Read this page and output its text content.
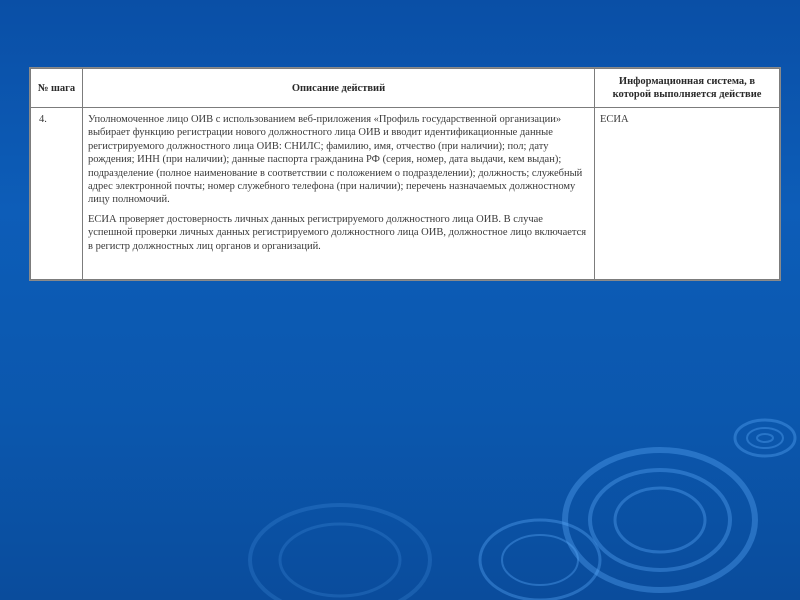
№ шага	Описание действий	Информационная система, в которой выполняется действие
4.	Уполномоченное лицо ОИВ с использованием веб-приложения «Профиль государственной организации» выбирает функцию регистрации нового должностного лица ОИВ и вводит идентификационные данные регистрируемого должностного лица ОИВ: СНИЛС; фамилию, имя, отчество (при наличии); пол; дату рождения; ИНН (при наличии); данные паспорта гражданина РФ (серия, номер, дата выдачи, кем выдан); подразделение (полное наименование в соответствии с положением о подразделении); должность; служебный адрес электронной почты; номер служебного телефона (при наличии); перечень назначаемых должностному лицу полномочий.

ЕСИА проверяет достоверность личных данных регистрируемого должностного лица ОИВ. В случае успешной проверки личных данных регистрируемого должностного лица ОИВ, должностное лицо включается в регистр должностных лиц органов и организаций.	ЕСИА
